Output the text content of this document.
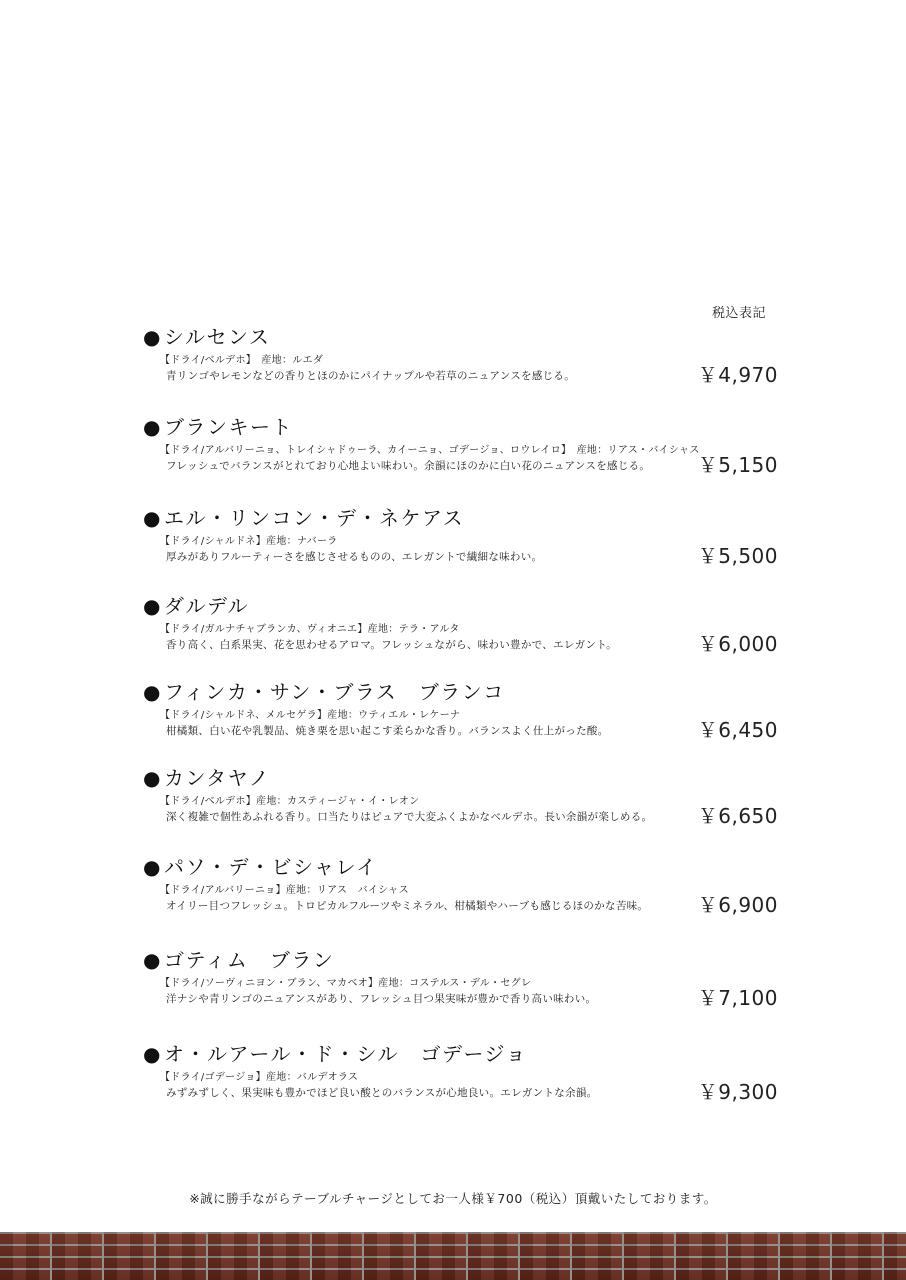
税込表記
● シルセンス
【ドライ/ベルデホ】　産地：ルエダ
青リンゴやレモンなどの香りとほのかにパイナップルや若草のニュアンスを感じる。	￥4,970
● ブランキート
【ドライ/アルバリーニョ、トレイシャドゥーラ、カイーニョ、ゴデージョ、ロウレイロ】　産地：リアス・バイシャス
フレッシュでバランスがとれており心地よい味わい。余韻にほのかに白い花のニュアンスを感じる。 ￥5,150
● エル・リンコン・デ・ネケアス
【ドライ/シャルドネ】産地：ナバーラ
厚みがありフルーティーさを感じさせるものの、エレガントで繊細な味わい。	￥5,500
● ダルデル
【ドライ/ガルナチャブランカ、ヴィオニエ】産地：テラ・アルタ
香り高く、白系果実、花を思わせるアロマ。フレッシュながら、味わい豊かで、エレガント。	￥6,000
● フィンカ・サン・ブラス　ブランコ
【ドライ/シャルドネ、メルセゲラ】産地：ウティエル・レケーナ
柑橘類、白い花や乳製品、焼き栗を思い起こす柔らかな香り。バランスよく仕上がった酸。	￥6,450
● カンタヤノ
【ドライ/ベルデホ】産地：カスティージャ・イ・レオン
深く複雑で個性あふれる香り。口当たりはピュアで大変ふくよかなベルデホ。長い余韻が楽しめる。 ￥6,650
● パソ・デ・ビシャレイ
【ドライ/アルバリーニョ】産地：リアス　バイシャス
オイリー目つフレッシュ。トロピカルフルーツやミネラル、柑橘類やハーブも感じるほのかな苦味。 ￥6,900
● ゴティム　ブラン
【ドライ/ソーヴィニヨン・ブラン、マカベオ】産地：コステルス・デル・セグレ
洋ナシや青リンゴのニュアンスがあり、フレッシュ目つ果実味が豊かで香り高い味わい。	￥7,100
● オ・ルアール・ド・シル　ゴデージョ
【ドライ/ゴデージョ】産地：バルデオラス
みずみずしく、果実味も豊かでほど良い酸とのバランスが心地良い。エレガントな余韻。	￥9,300
※誠に勝手ながらテーブルチャージとしてお一人様￥700（税込）頂戴いたしております。
